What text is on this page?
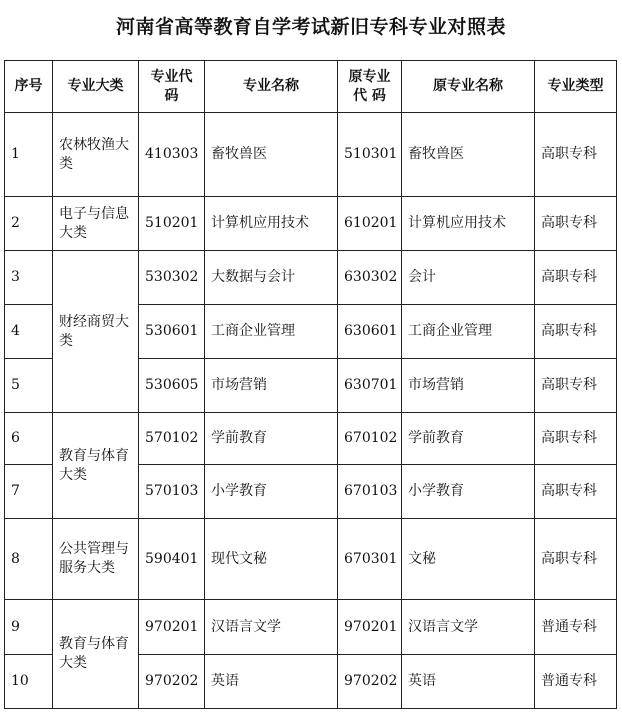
河南省高等教育自学考试新旧专科专业对照表
序号	专业大类	专业代码	专业名称	原专业代 码	原专业名称	专业类型
1	农林牧渔大类	410303	畜牧兽医	510301	畜牧兽医	高职专科
2	电子与信息大类	510201	计算机应用技术	610201	计算机应用技术	高职专科
3	财经商贸大类	530302	大数据与会计	630302	会计	高职专科
4		530601	工商企业管理	630601	工商企业管理	高职专科
5		530605	市场营销	630701	市场营销	高职专科
6	教育与体育大类	570102	学前教育	670102	学前教育	高职专科
7		570103	小学教育	670103	小学教育	高职专科
8	公共管理与服务大类	590401	现代文秘	670301	文秘	高职专科
9	教育与体育大类	970201	汉语言文学	970201	汉语言文学	普通专科
10		970202	英语	970202	英语	普通专科
